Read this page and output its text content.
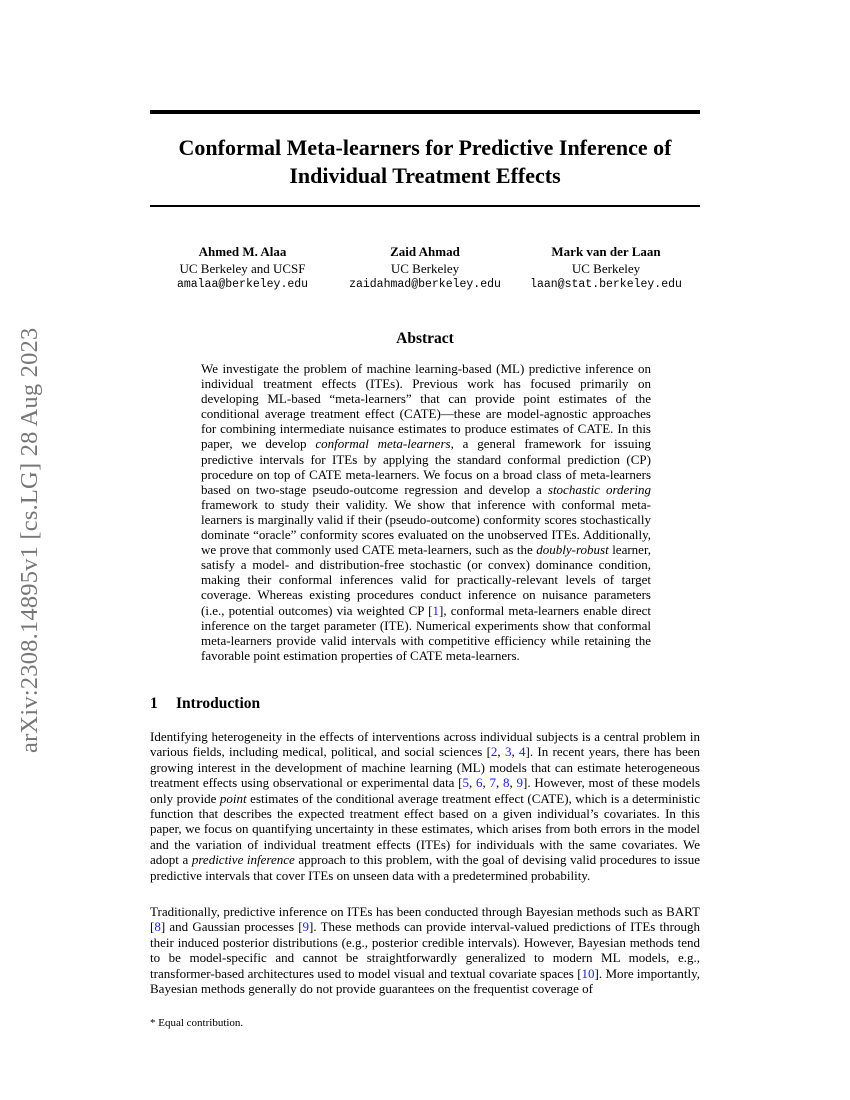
arXiv:2308.14895v1 [cs.LG] 28 Aug 2023
Conformal Meta-learners for Predictive Inference of Individual Treatment Effects
Ahmed M. Alaa
UC Berkeley and UCSF
amalaa@berkeley.edu
Zaid Ahmad
UC Berkeley
zaidahmad@berkeley.edu
Mark van der Laan
UC Berkeley
laan@stat.berkeley.edu
Abstract

We investigate the problem of machine learning-based (ML) predictive inference on individual treatment effects (ITEs). Previous work has focused primarily on developing ML-based “meta-learners” that can provide point estimates of the conditional average treatment effect (CATE)—these are model-agnostic approaches for combining intermediate nuisance estimates to produce estimates of CATE. In this paper, we develop conformal meta-learners, a general framework for issuing predictive intervals for ITEs by applying the standard conformal prediction (CP) procedure on top of CATE meta-learners. We focus on a broad class of meta-learners based on two-stage pseudo-outcome regression and develop a stochastic ordering framework to study their validity. We show that inference with conformal meta-learners is marginally valid if their (pseudo-outcome) conformity scores stochastically dominate “oracle” conformity scores evaluated on the unobserved ITEs. Additionally, we prove that commonly used CATE meta-learners, such as the doubly-robust learner, satisfy a model- and distribution-free stochastic (or convex) dominance condition, making their conformal inferences valid for practically-relevant levels of target coverage. Whereas existing procedures conduct inference on nuisance parameters (i.e., potential outcomes) via weighted CP [1], conformal meta-learners enable direct inference on the target parameter (ITE). Numerical experiments show that conformal meta-learners provide valid intervals with competitive efficiency while retaining the favorable point estimation properties of CATE meta-learners.

1 Introduction

Identifying heterogeneity in the effects of interventions across individual subjects is a central problem in various fields, including medical, political, and social sciences [2, 3, 4]. In recent years, there has been growing interest in the development of machine learning (ML) models that can estimate heterogeneous treatment effects using observational or experimental data [5, 6, 7, 8, 9]. However, most of these models only provide point estimates of the conditional average treatment effect (CATE), which is a deterministic function that describes the expected treatment effect based on a given individual’s covariates. In this paper, we focus on quantifying uncertainty in these estimates, which arises from both errors in the model and the variation of individual treatment effects (ITEs) for individuals with the same covariates. We adopt a predictive inference approach to this problem, with the goal of devising valid procedures to issue predictive intervals that cover ITEs on unseen data with a predetermined probability.

Traditionally, predictive inference on ITEs has been conducted through Bayesian methods such as BART [8] and Gaussian processes [9]. These methods can provide interval-valued predictions of ITEs through their induced posterior distributions (e.g., posterior credible intervals). However, Bayesian methods tend to be model-specific and cannot be straightforwardly generalized to modern ML models, e.g., transformer-based architectures used to model visual and textual covariate spaces [10]. More importantly, Bayesian methods generally do not provide guarantees on the frequentist coverage of

* Equal contribution.
